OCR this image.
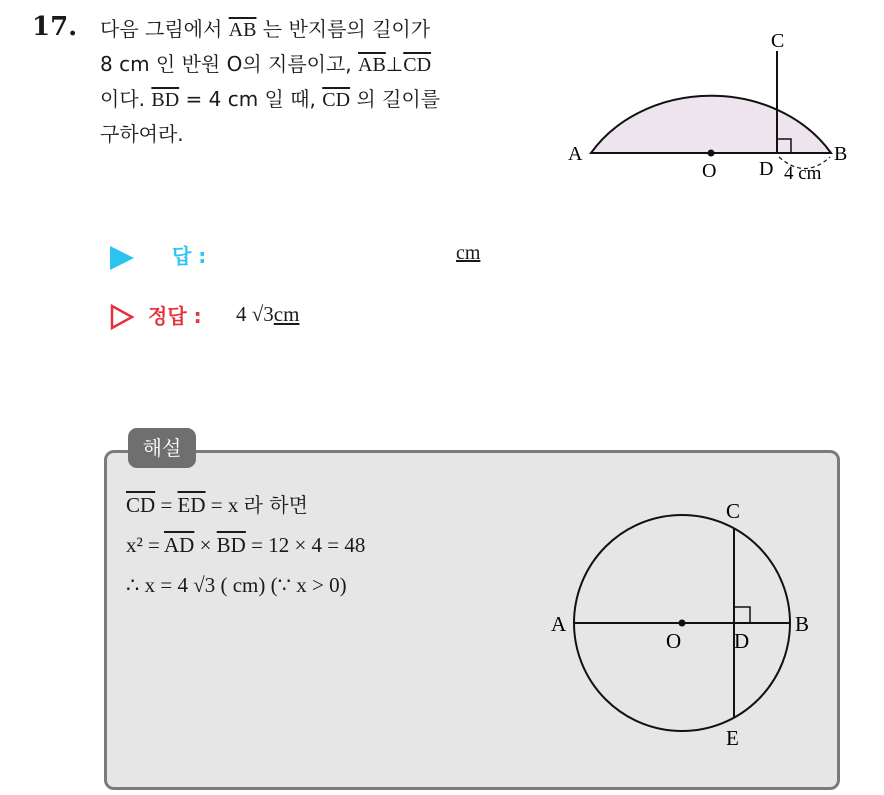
17. 다음 그림에서 $\overline{AB}$ 는 반지름의 길이가
8 cm 인 반원 O의 지름이고, $\overline{AB}\perp\overline{CD}$
이다. $\overline{BD} = 4$ cm 일 때, $\overline{CD}$ 의 길이를
구하여라.
A	B
C
D
O	4 cm
답 :	cm
정답 : 4 √3cm
해설
$\overline{CD} = \overline{ED} = x$ 라 하면
$x^2 = \overline{AD} \times \overline{BD} = 12 \times 4 = 48$
∴ x = 4 √3 ( cm) (∵ x > 0)
A	B
C
D
E
O
